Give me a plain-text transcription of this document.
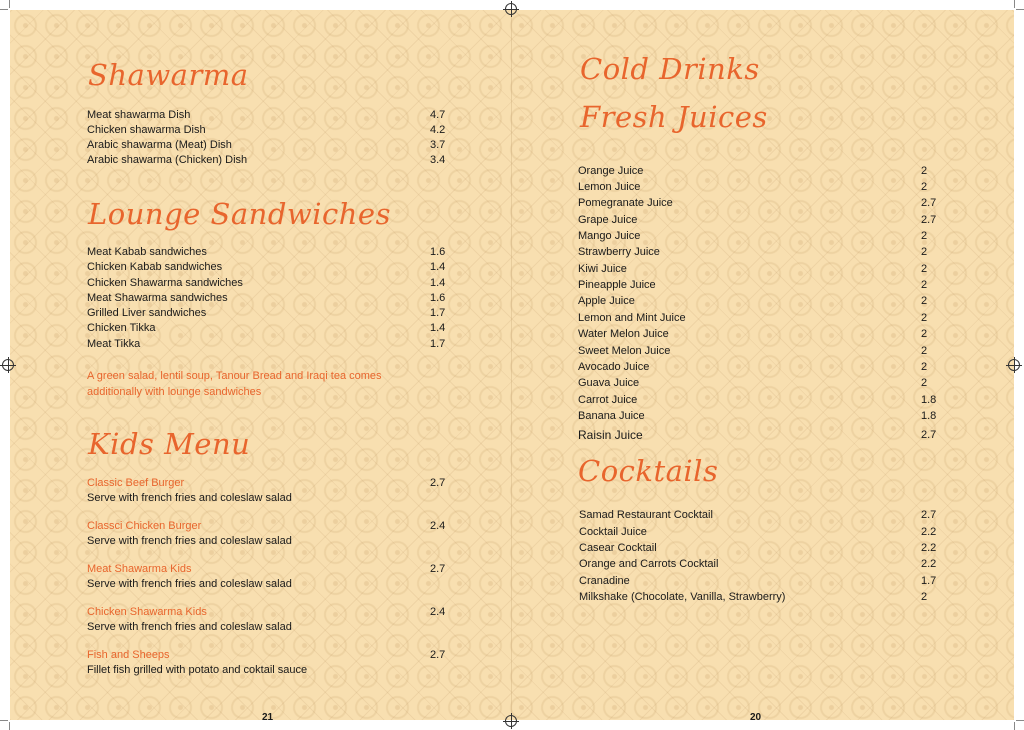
Shawarma
Meat shawarma Dish	4.7
Chicken shawarma Dish	4.2
Arabic shawarma (Meat) Dish	3.7
Arabic shawarma (Chicken) Dish	3.4
Lounge Sandwiches
Meat Kabab sandwiches	1.6
Chicken Kabab sandwiches	1.4
Chicken Shawarma sandwiches	1.4
Meat Shawarma sandwiches	1.6
Grilled Liver sandwiches	1.7
Chicken Tikka	1.4
Meat Tikka	1.7
A green salad, lentil soup, Tanour Bread and Iraqi tea comes additionally with lounge sandwiches
Kids Menu
Classic Beef Burger	2.7
Serve with french fries and coleslaw salad
Classci Chicken Burger	2.4
Serve with french fries and coleslaw salad
Meat Shawarma Kids	2.7
Serve with french fries and coleslaw salad
Chicken Shawarma Kids	2.4
Serve with french fries and coleslaw salad
Fish and Sheeps	2.7
Fillet fish grilled with potato and coktail sauce
21
Cold Drinks
Fresh Juices
Orange Juice	2
Lemon Juice	2
Pomegranate Juice	2.7
Grape Juice	2.7
Mango Juice	2
Strawberry Juice	2
Kiwi Juice	2
Pineapple Juice	2
Apple Juice	2
Lemon and Mint Juice	2
Water Melon Juice	2
Sweet Melon Juice	2
Avocado Juice	2
Guava Juice	2
Carrot Juice	1.8
Banana Juice	1.8
Raisin Juice	2.7
Cocktails
Samad Restaurant Cocktail	2.7
Cocktail Juice	2.2
Casear Cocktail	2.2
Orange and Carrots Cocktail	2.2
Cranadine	1.7
Milkshake (Chocolate, Vanilla, Strawberry)	2
20
